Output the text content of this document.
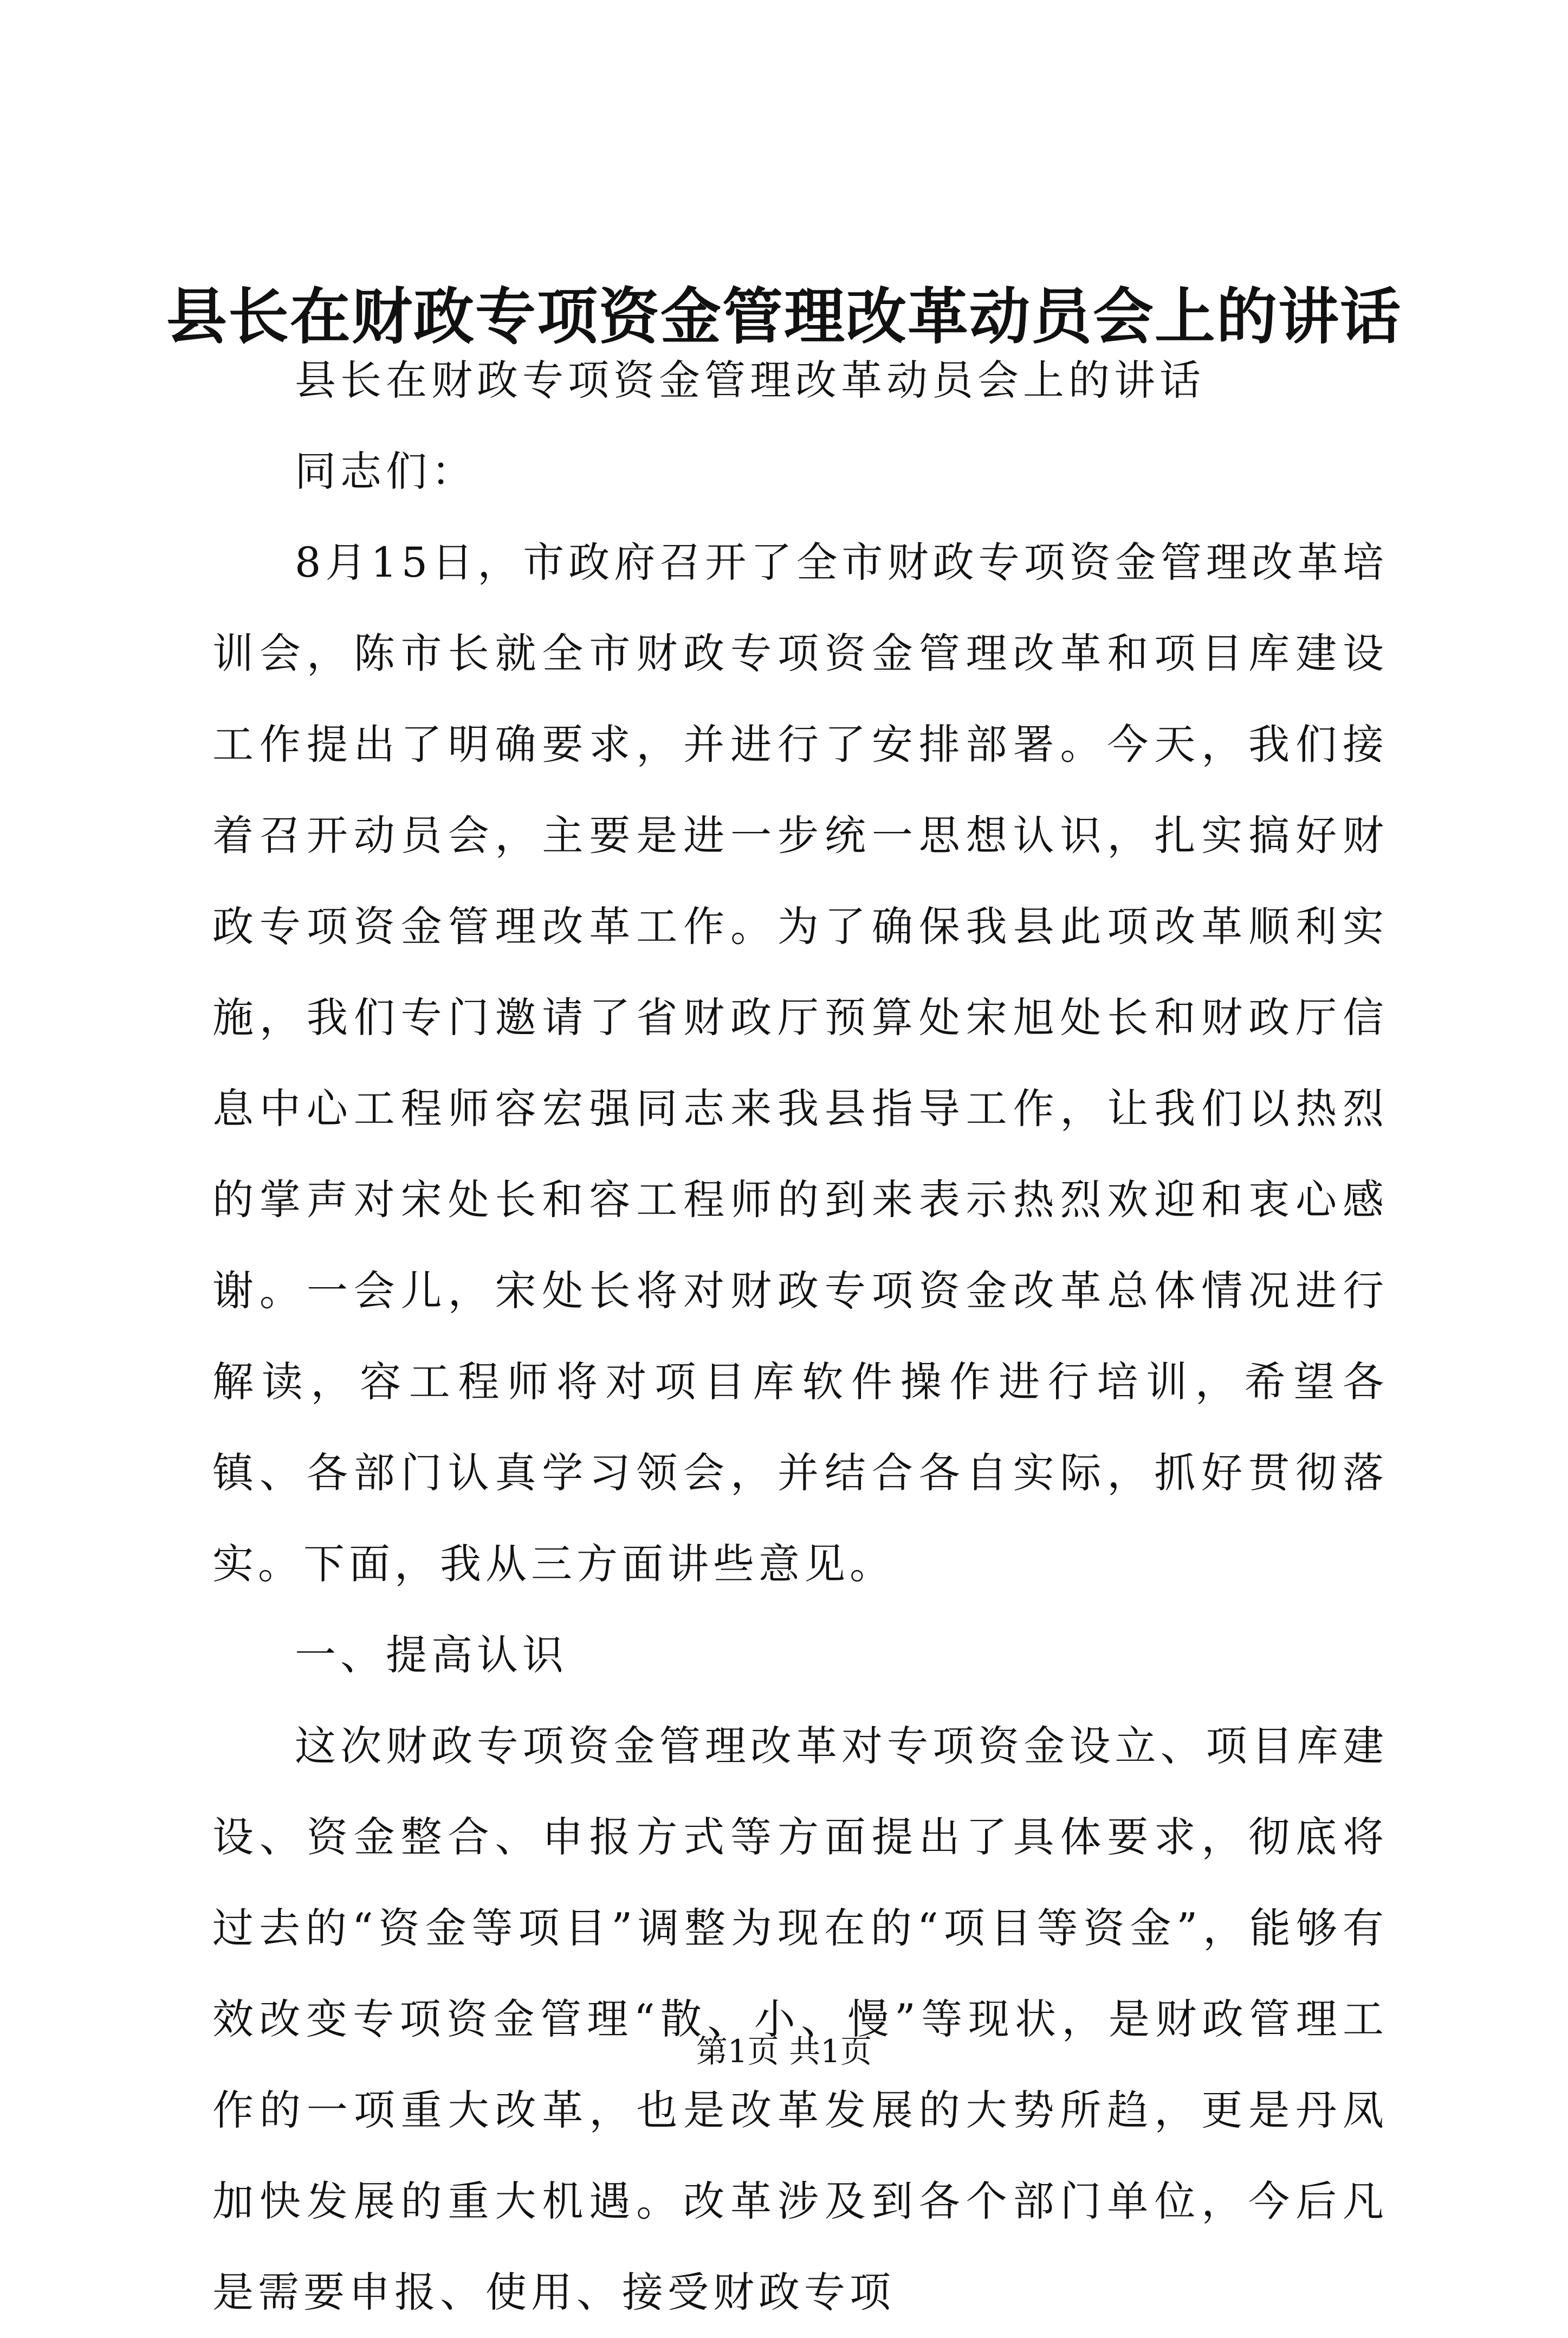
县长在财政专项资金管理改革动员会上的讲话

县长在财政专项资金管理改革动员会上的讲话

同志们：

8月15日，市政府召开了全市财政专项资金管理改革培训会，陈市长就全市财政专项资金管理改革和项目库建设工作提出了明确要求，并进行了安排部署。今天，我们接着召开动员会，主要是进一步统一思想认识，扎实搞好财政专项资金管理改革工作。为了确保我县此项改革顺利实施，我们专门邀请了省财政厅预算处宋旭处长和财政厅信息中心工程师容宏强同志来我县指导工作，让我们以热烈的掌声对宋处长和容工程师的到来表示热烈欢迎和衷心感谢。一会儿，宋处长将对财政专项资金改革总体情况进行解读，容工程师将对项目库软件操作进行培训，希望各镇、各部门认真学习领会，并结合各自实际，抓好贯彻落实。下面，我从三方面讲些意见。

一、提高认识

这次财政专项资金管理改革对专项资金设立、项目库建设、资金整合、申报方式等方面提出了具体要求，彻底将过去的“资金等项目”调整为现在的“项目等资金”，能够有效改变专项资金管理“散、小、慢”等现状，是财政管理工作的一项重大改革，也是改革发展的大势所趋，更是丹凤加快发展的重大机遇。改革涉及到各个部门单位，今后凡是需要申报、使用、接受财政专项

第1页 共1页
